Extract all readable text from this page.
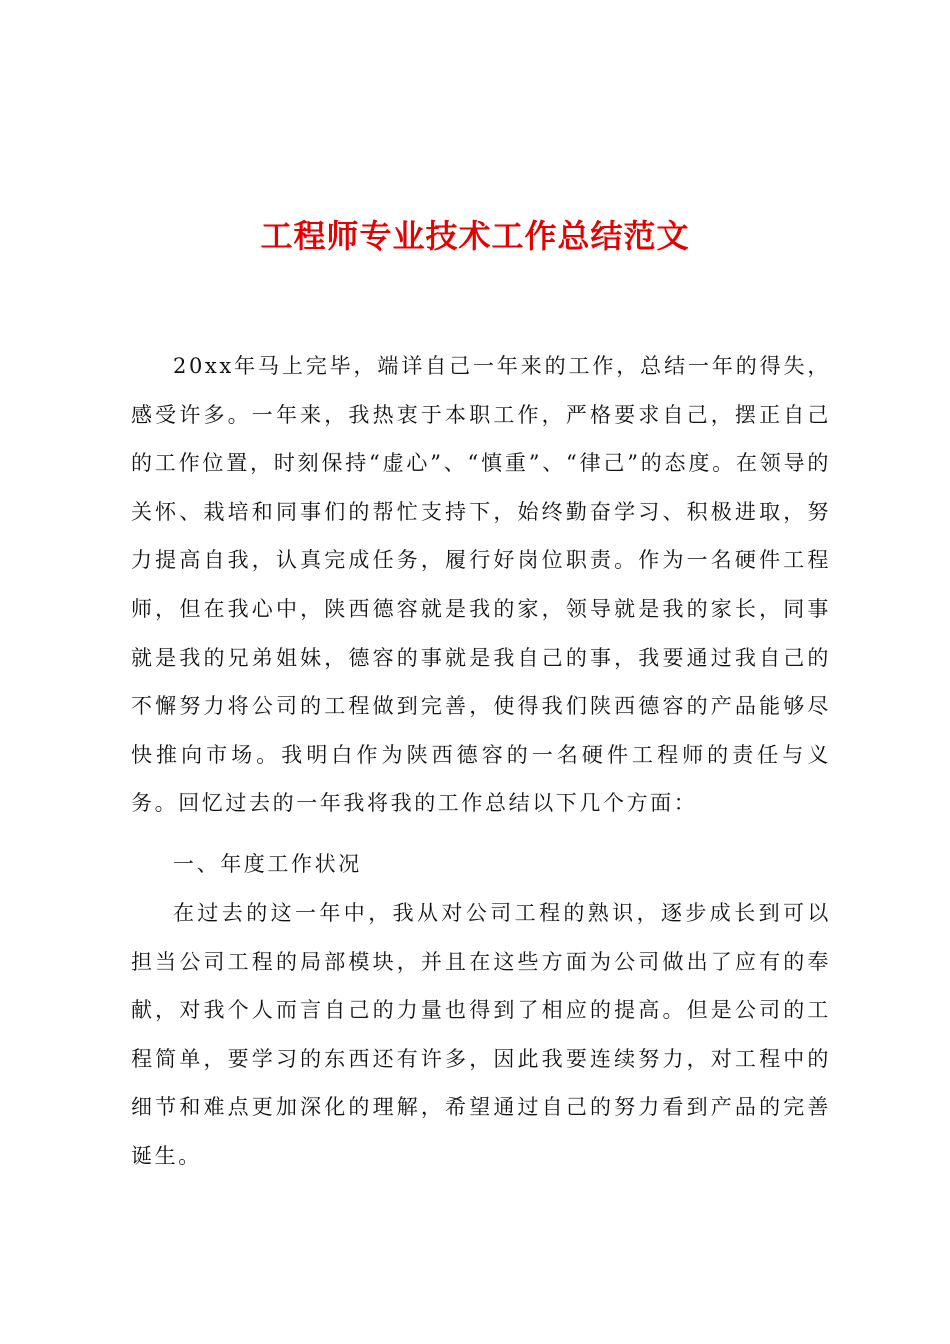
工程师专业技术工作总结范文

20xx年马上完毕，端详自己一年来的工作，总结一年的得失，感受许多。一年来，我热衷于本职工作，严格要求自己，摆正自己的工作位置，时刻保持“虚心”、“慎重”、“律己”的态度。在领导的关怀、栽培和同事们的帮忙支持下，始终勤奋学习、积极进取，努力提高自我，认真完成任务，履行好岗位职责。作为一名硬件工程师，但在我心中，陕西德容就是我的家，领导就是我的家长，同事就是我的兄弟姐妹，德容的事就是我自己的事，我要通过我自己的不懈努力将公司的工程做到完善，使得我们陕西德容的产品能够尽快推向市场。我明白作为陕西德容的一名硬件工程师的责任与义务。回忆过去的一年我将我的工作总结以下几个方面：

一、年度工作状况

在过去的这一年中，我从对公司工程的熟识，逐步成长到可以担当公司工程的局部模块，并且在这些方面为公司做出了应有的奉献，对我个人而言自己的力量也得到了相应的提高。但是公司的工程简单，要学习的东西还有许多，因此我要连续努力，对工程中的细节和难点更加深化的理解，希望通过自己的努力看到产品的完善诞生。
